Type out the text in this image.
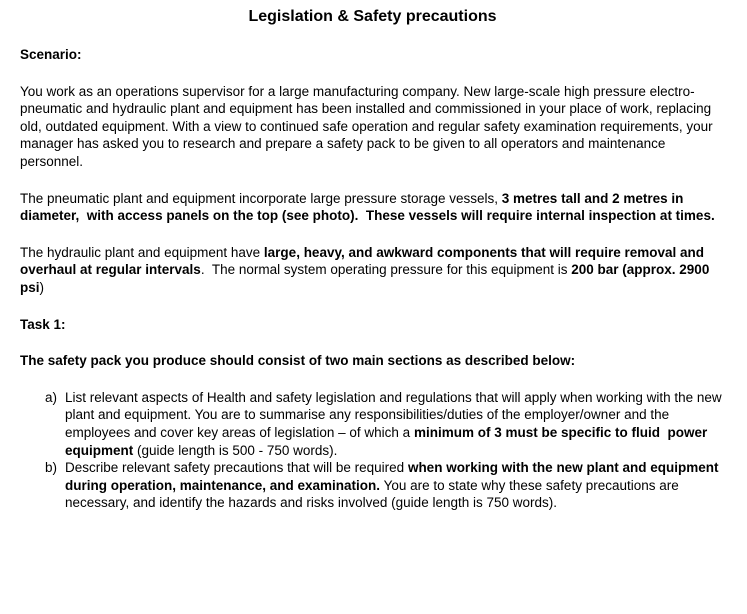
Legislation & Safety precautions
Scenario:

You work as an operations supervisor for a large manufacturing company. New large-scale high pressure electro-pneumatic and hydraulic plant and equipment has been installed and commissioned in your place of work, replacing old, outdated equipment. With a view to continued safe operation and regular safety examination requirements, your manager has asked you to research and prepare a safety pack to be given to all operators and maintenance personnel.

The pneumatic plant and equipment incorporate large pressure storage vessels, 3 metres tall and 2 metres in diameter,  with access panels on the top (see photo).  These vessels will require internal inspection at times.

The hydraulic plant and equipment have large, heavy, and awkward components that will require removal and overhaul at regular intervals.  The normal system operating pressure for this equipment is 200 bar (approx. 2900 psi)

Task 1:
The safety pack you produce should consist of two main sections as described below:
a) List relevant aspects of Health and safety legislation and regulations that will apply when working with the new plant and equipment. You are to summarise any responsibilities/duties of the employer/owner and the employees and cover key areas of legislation – of which a minimum of 3 must be specific to fluid  power equipment (guide length is 500 - 750 words).
b) Describe relevant safety precautions that will be required when working with the new plant and equipment during operation, maintenance, and examination. You are to state why these safety precautions are necessary, and identify the hazards and risks involved (guide length is 750 words).
